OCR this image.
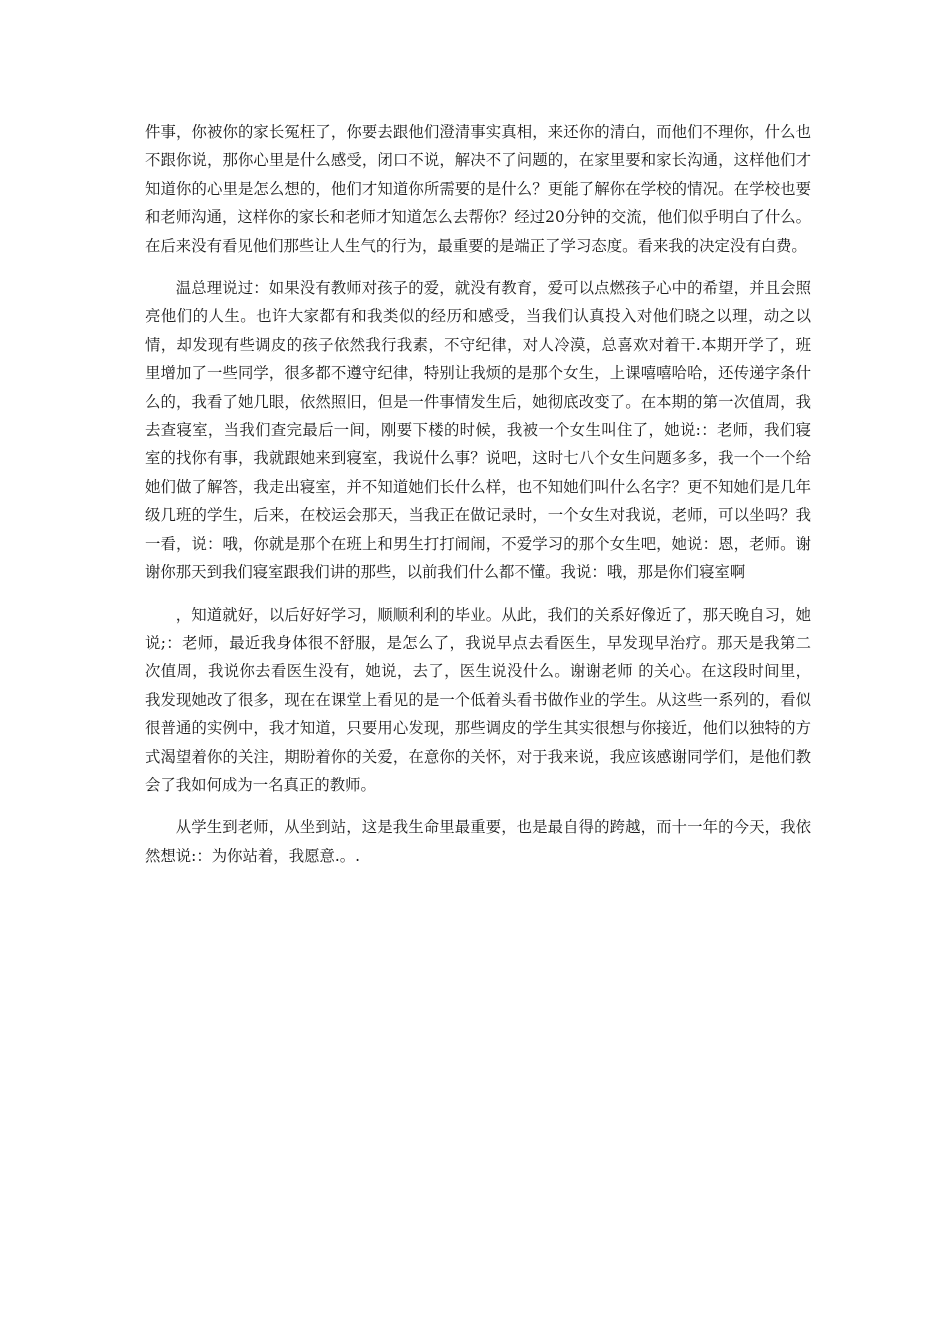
件事，你被你的家长冤枉了，你要去跟他们澄清事实真相，来还你的清白，而他们不理你，什么也不跟你说，那你心里是什么感受，闭口不说，解决不了问题的，在家里要和家长沟通，这样他们才知道你的心里是怎么想的，他们才知道你所需要的是什么？更能了解你在学校的情况。在学校也要和老师沟通，这样你的家长和老师才知道怎么去帮你？经过20分钟的交流，他们似乎明白了什么。在后来没有看见他们那些让人生气的行为，最重要的是端正了学习态度。看来我的决定没有白费。

温总理说过：如果没有教师对孩子的爱，就没有教育，爱可以点燃孩子心中的希望，并且会照亮他们的人生。也许大家都有和我类似的经历和感受，当我们认真投入对他们晓之以理，动之以情，却发现有些调皮的孩子依然我行我素，不守纪律，对人冷漠，总喜欢对着干.本期开学了，班里增加了一些同学，很多都不遵守纪律，特别让我烦的是那个女生，上课嘻嘻哈哈，还传递字条什么的，我看了她几眼，依然照旧，但是一件事情发生后，她彻底改变了。在本期的第一次值周，我去查寝室，当我们查完最后一间，刚要下楼的时候，我被一个女生叫住了，她说:：老师，我们寝室的找你有事，我就跟她来到寝室，我说什么事？说吧，这时七八个女生问题多多，我一个一个给她们做了解答，我走出寝室，并不知道她们长什么样，也不知她们叫什么名字？更不知她们是几年级几班的学生，后来，在校运会那天，当我正在做记录时，一个女生对我说，老师，可以坐吗？我一看，说：哦，你就是那个在班上和男生打打闹闹，不爱学习的那个女生吧，她说：恩，老师。谢谢你那天到我们寝室跟我们讲的那些，以前我们什么都不懂。我说：哦，那是你们寝室啊

，知道就好，以后好好学习，顺顺利利的毕业。从此，我们的关系好像近了，那天晚自习，她说;：老师，最近我身体很不舒服，是怎么了，我说早点去看医生，早发现早治疗。那天是我第二次值周，我说你去看医生没有，她说，去了，医生说没什么。谢谢老师 的关心。在这段时间里，我发现她改了很多，现在在课堂上看见的是一个低着头看书做作业的学生。从这些一系列的，看似很普通的实例中，我才知道，只要用心发现，那些调皮的学生其实很想与你接近，他们以独特的方式渴望着你的关注，期盼着你的关爱，在意你的关怀，对于我来说，我应该感谢同学们，是他们教会了我如何成为一名真正的教师。

从学生到老师，从坐到站，这是我生命里最重要，也是最自得的跨越，而十一年的今天，我依然想说:：为你站着，我愿意.。.
